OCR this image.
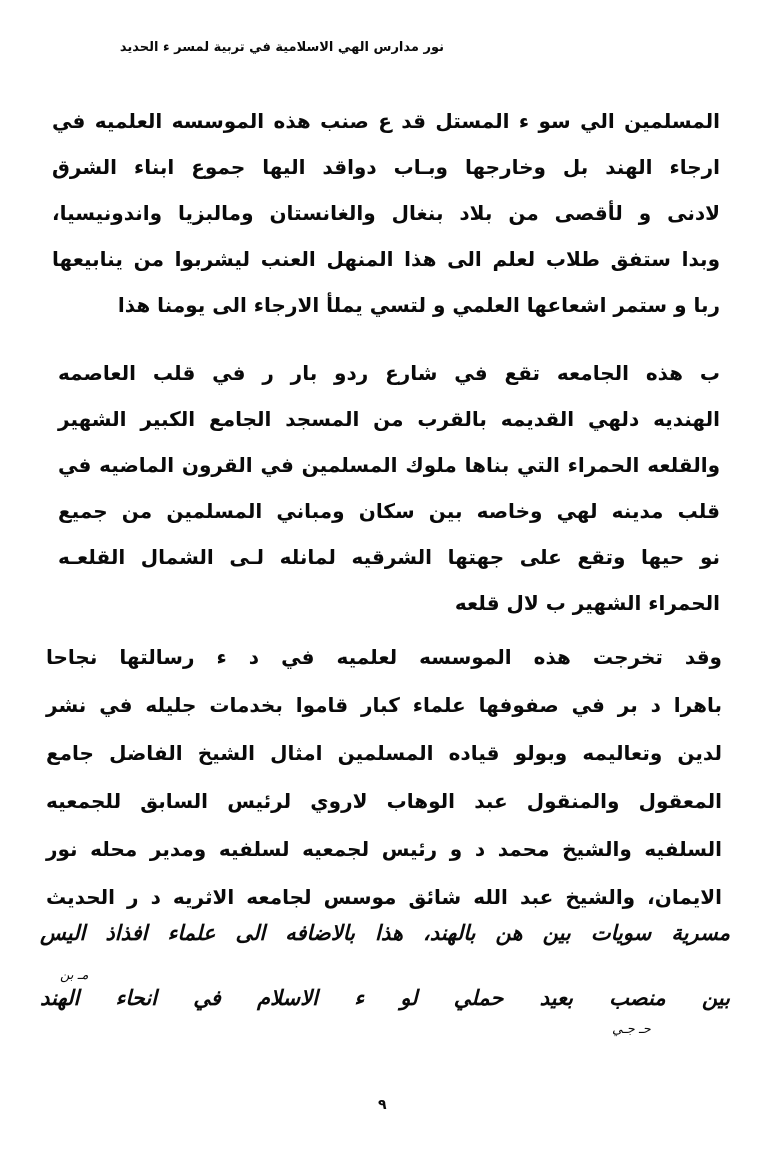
نور مدارس الهي الاسلامية في تربية لمسر ء الحديد
المسلمين الي سو ء المستل قد ع صنب هذه الموسسه العلميه في
ارجاء الهند بل وخارجها وبـاب دواقد اليها جموع ابناء الشرق
لادنى و لأقصى من بلاد بنغال والغانستان ومالبزيا واندونيسيا،
وبدا ستفق طلاب لعلم الى هذا المنهل العنب ليشربوا من ينابيعها
ربا و ستمر اشعاعها العلمي و لتسي يملأ الارجاء الى يومنا هذا
ب هذه الجامعه تقع في شارع ردو بار ر في قلب العاصمه
الهنديه دلهي القديمه بالقرب من المسجد الجامع الكبير الشهير
والقلعه الحمراء التي بناها ملوك المسلمين في القرون الماضيه في
قلب مدينه لهي وخاصه بين سكان ومباني المسلمين من جميع
نو حيها وتقع على جهتها الشرقيه لمانله لـى الشمال القلعـه
الحمراء الشهير ب لال قلعه
وقد تخرجت هذه الموسسه لعلميه في د ء رسالتها نجاحا
باهرا د بر في صفوفها علماء كبار قاموا بخدمات جليله في نشر
لدين وتعاليمه وبولو قياده المسلمين امثال الشيخ الفاضل جامع
المعقول والمنقول عبد الوهاب لاروي لرئيس السابق للجمعيه
السلفيه والشيخ محمد د و رئيس لجمعيه لسلفيه ومدير محله نور
الايمان، والشيخ عبد الله شائق موسس لجامعه الاثريه د ر الحديث
مسرية سويات بين هن بالهند، هذا بالاضافه الى علماء افذاذ اليس
مـ بن
بين منصب بعيد حملي لو ء الاسلام في انحاء الهند
حـ جـي
٩
